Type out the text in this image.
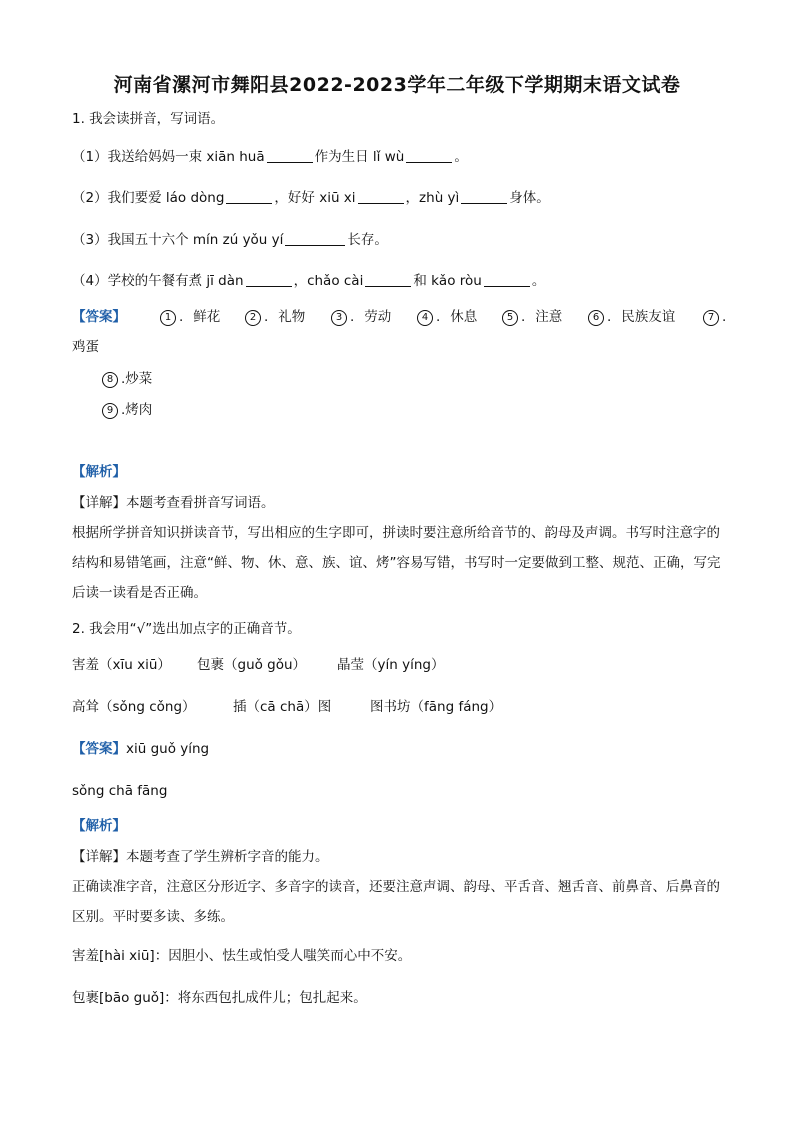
河南省漯河市舞阳县2022-2023学年二年级下学期期末语文试卷
1. 我会读拼音，写词语。
（1）我送给妈妈一束 xiān huā	作为生日 lǐ wù	。
（2）我们要爱 láo dòng	，好好 xiū xi	，zhù yì	身体。
（3）我国五十六个 mín zú yǒu yí	长存。
（4）学校的午餐有煮 jī dàn	，chǎo cài	和 kǎo ròu	。
【答案】	1 . 鲜花	2 . 礼物	3 . 劳动	4 . 休息	5 . 注意	6 . 民族友谊	7 .
鸡蛋
8 .炒菜
9 .烤肉
【解析】
【详解】本题考查看拼音写词语。
根据所学拼音知识拼读音节，写出相应的生字即可，拼读时要注意所给音节的、韵母及声调。书写时注意字的结构和易错笔画，注意“鲜、物、休、意、族、谊、烤”容易写错，书写时一定要做到工整、规范、正确，写完后读一读看是否正确。
2. 我会用“√”选出加点字的正确音节。
害羞（xīu xiū） 包裹（guǒ gǒu） 晶莹（yín yíng）
高耸（sǒng cǒng）	插（cā chā）图	图书坊（fāng fáng）
【答案】xiū guǒ yíng
sǒng chā fāng
【解析】
【详解】本题考查了学生辨析字音的能力。
正确读准字音，注意区分形近字、多音字的读音，还要注意声调、韵母、平舌音、翘舌音、前鼻音、后鼻音的区别。平时要多读、多练。
害羞[hài xiū]：因胆小、怯生或怕受人嗤笑而心中不安。
包裹[bāo guǒ]：将东西包扎成件儿；包扎起来。
